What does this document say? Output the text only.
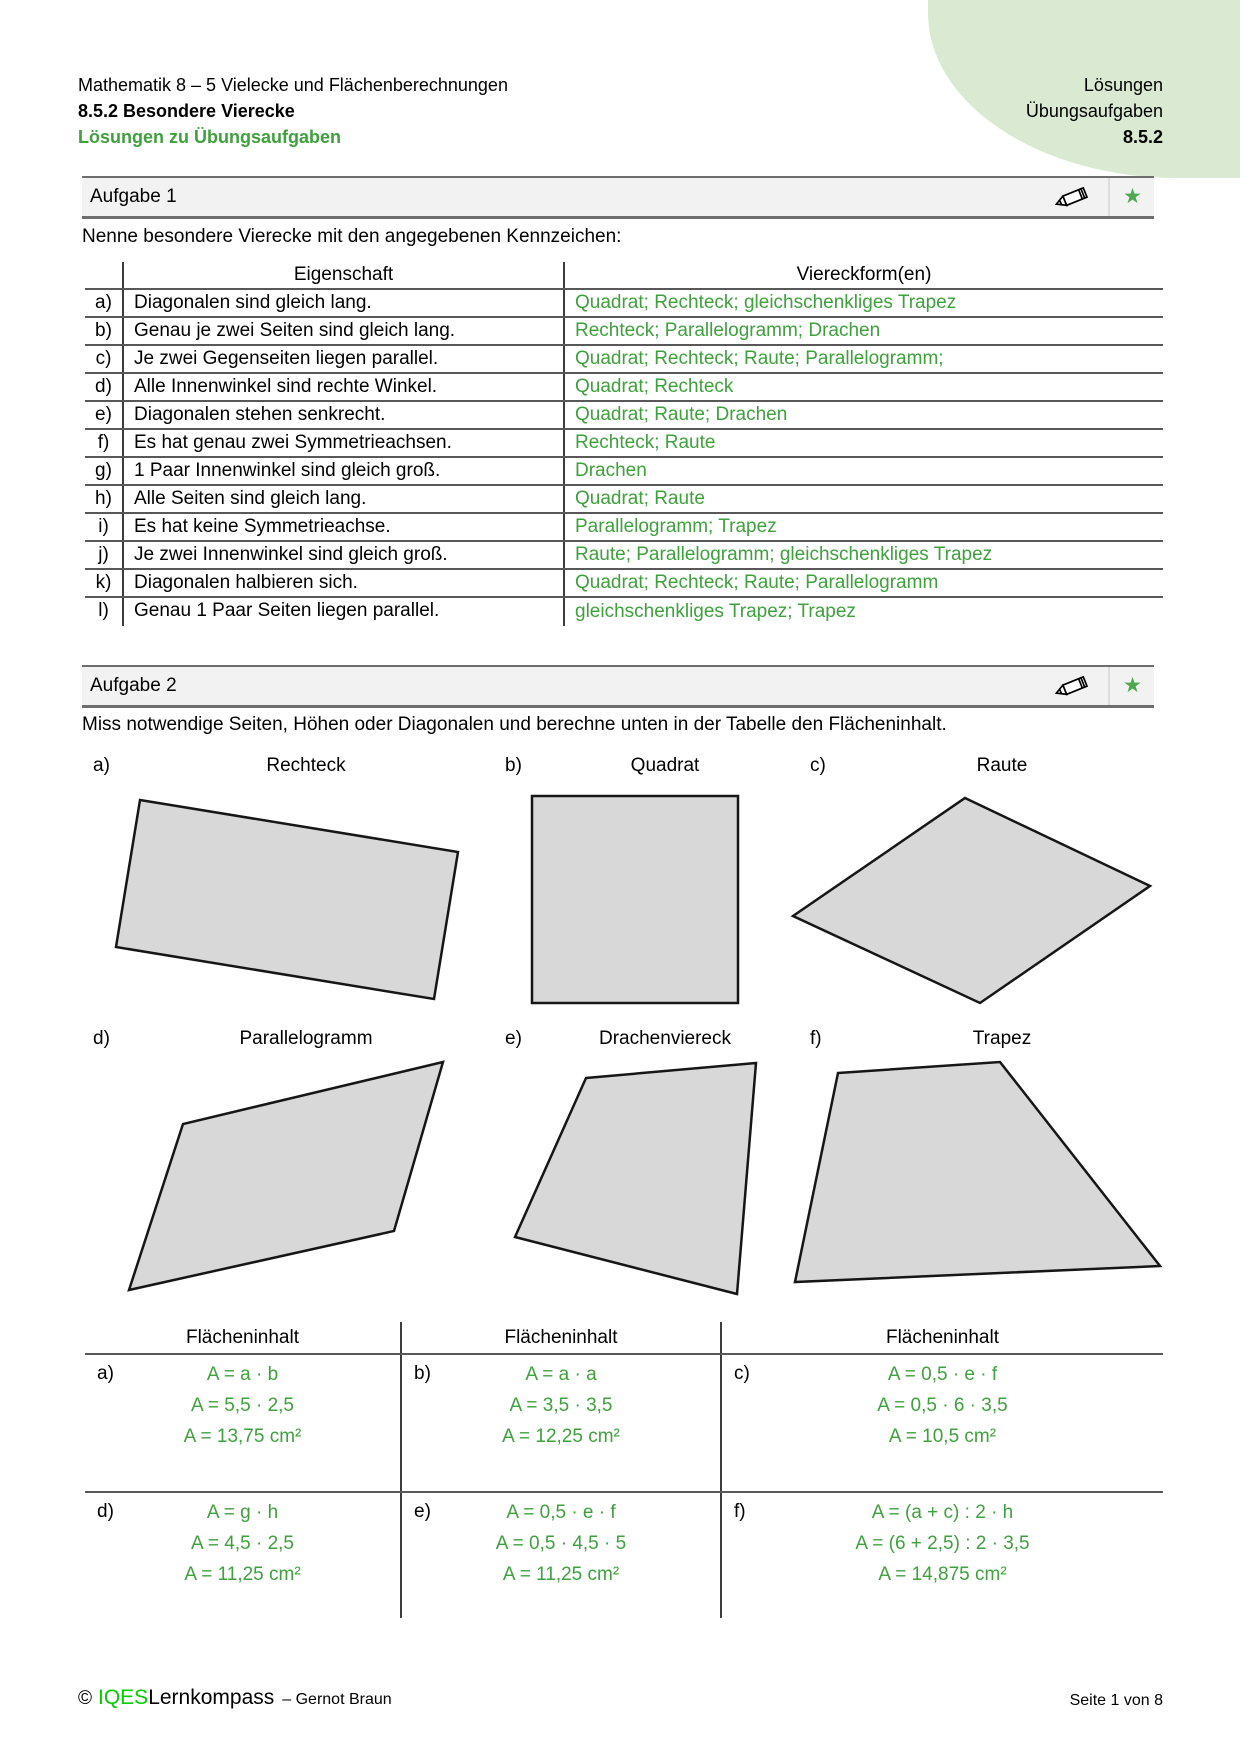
Mathematik 8 – 5 Vielecke und Flächenberechnungen
8.5.2 Besondere Vierecke
Lösungen zu Übungsaufgaben
Lösungen
Übungsaufgaben
8.5.2
Aufgabe 1	★
Nenne besondere Vierecke mit den angegebenen Kennzeichen:
Eigenschaft	Viereckform(en)
a)	Diagonalen sind gleich lang.	Quadrat; Rechteck; gleichschenkliges Trapez
b)	Genau je zwei Seiten sind gleich lang.	Rechteck; Parallelogramm; Drachen
c)	Je zwei Gegenseiten liegen parallel.	Quadrat; Rechteck; Raute; Parallelogramm;
d)	Alle Innenwinkel sind rechte Winkel.	Quadrat; Rechteck
e)	Diagonalen stehen senkrecht.	Quadrat; Raute; Drachen
f)	Es hat genau zwei Symmetrieachsen.	Rechteck; Raute
g)	1 Paar Innenwinkel sind gleich groß.	Drachen
h)	Alle Seiten sind gleich lang.	Quadrat; Raute
i)	Es hat keine Symmetrieachse.	Parallelogramm; Trapez
j)	Je zwei Innenwinkel sind gleich groß.	Raute; Parallelogramm; gleichschenkliges Trapez
k)	Diagonalen halbieren sich.	Quadrat; Rechteck; Raute; Parallelogramm
l)	Genau 1 Paar Seiten liegen parallel.	gleichschenkliges Trapez; Trapez
Aufgabe 2	★
Miss notwendige Seiten, Höhen oder Diagonalen und berechne unten in der Tabelle den Flächeninhalt.
a)	Rechteck	b)	Quadrat	c)	Raute
d)	Parallelogramm	e)	Drachenviereck	f)	Trapez
Flächeninhalt
a)	A = a · b
A = 5,5 · 2,5
A = 13,75 cm²
d)	A = g · h
A = 4,5 · 2,5
A = 11,25 cm²
Flächeninhalt
b)	A = a · a
A = 3,5 · 3,5
A = 12,25 cm²
e)	A = 0,5 · e · f
A = 0,5 · 4,5 · 5
A = 11,25 cm²
Flächeninhalt
c)	A = 0,5 · e · f
A = 0,5 · 6 · 3,5
A = 10,5 cm²
f)	A = (a + c) : 2 · h
A = (6 + 2,5) : 2 · 3,5
A = 14,875 cm²
© IQESLernkompass – Gernot Braun	Seite 1 von 8
